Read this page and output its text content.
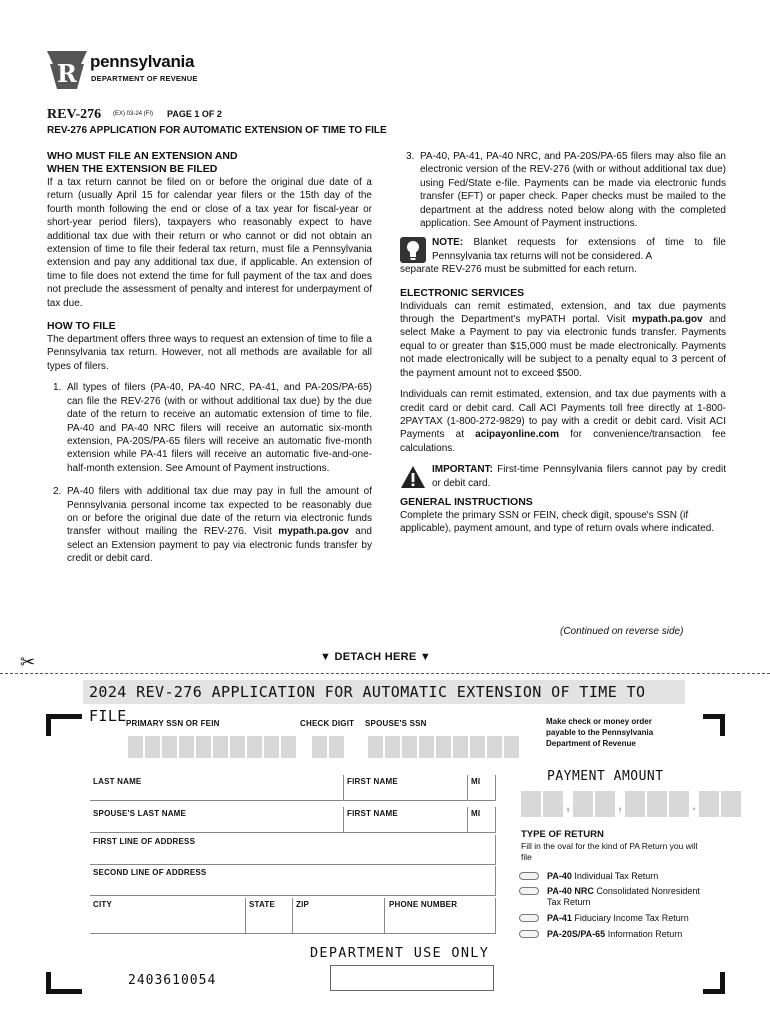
R pennsylvania
DEPARTMENT OF REVENUE
REV-276 (EX) 03-24 (FI) PAGE 1 OF 2
REV-276 APPLICATION FOR AUTOMATIC EXTENSION OF TIME TO FILE
WHO MUST FILE AN EXTENSION AND
WHEN THE EXTENSION BE FILED

If a tax return cannot be filed on or before the original due date of a return (usually April 15 for calendar year filers or the 15th day of the fourth month following the end or close of a tax year for fiscal-year or short-year period filers), taxpayers who reasonably expect to have additional tax due with their return or who cannot or did not obtain an extension of time to file their federal tax return, must file a Pennsylvania extension and pay any additional tax due, if applicable. An extension of time to file does not extend the time for full payment of the tax and does not preclude the assessment of penalty and interest for underpayment of tax due.

HOW TO FILE

The department offers three ways to request an extension of time to file a Pennsylvania tax return. However, not all methods are available for all types of filers.

1. All types of filers (PA-40, PA-40 NRC, PA-41, and PA-20S/PA-65) can file the REV-276 (with or without additional tax due) by the due date of the return to receive an automatic extension of time to file. PA-40 and PA-40 NRC filers will receive an automatic six-month extension, PA-20S/PA-65 filers will receive an automatic five-month extension while PA-41 filers will receive an automatic five-and-one-half-month extension. See Amount of Payment instructions.
2. PA-40 filers with additional tax due may pay in full the amount of Pennsylvania personal income tax expected to be reasonably due on or before the original due date of the return via electronic funds transfer without mailing the REV-276. Visit mypath.pa.gov and select an Extension payment to pay via electronic funds transfer by credit or debit card.
3. PA-40, PA-41, PA-40 NRC, and PA-20S/PA-65 filers may also file an electronic version of the REV-276 (with or without additional tax due) using Fed/State e-file. Payments can be made via electronic funds transfer (EFT) or paper check. Paper checks must be mailed to the department at the address noted below along with the completed application. See Amount of Payment instructions.
NOTE: Blanket requests for extensions of time to file Pennsylvania tax returns will not be considered. A
separate REV-276 must be submitted for each return.
ELECTRONIC SERVICES

Individuals can remit estimated, extension, and tax due payments through the Department's myPATH portal. Visit mypath.pa.gov and select Make a Payment to pay via electronic funds transfer. Payments equal to or greater than $15,000 must be made electronically. Payments not made electronically will be subject to a penalty equal to 3 percent of the payment amount not to exceed $500.

Individuals can remit estimated, extension, and tax due payments with a credit card or debit card. Call ACI Payments toll free directly at 1-800-2PAYTAX (1-800-272-9829) to pay with a credit or debit card. Visit ACI Payments at acipayonline.com for convenience/transaction fee calculations.

IMPORTANT: First-time Pennsylvania filers cannot pay by credit or debit card.
GENERAL INSTRUCTIONS

Complete the primary SSN or FEIN, check digit, spouse's SSN (if applicable), payment amount, and type of return ovals where indicated.

(Continued on reverse side)
✂	▼ DETACH HERE ▼
2024 REV-276 APPLICATION FOR AUTOMATIC EXTENSION OF TIME TO FILE PRIMARY SSN OR FEIN	CHECK DIGIT SPOUSE'S SSN	Make check or money order payable to the Pennsylvania Department of Revenue
LAST NAME	FIRST NAME	MI
SPOUSE'S LAST NAME	FIRST NAME	MI
FIRST LINE OF ADDRESS
SECOND LINE OF ADDRESS
CITY	STATE	ZIP	PHONE NUMBER
PAYMENT AMOUNT
,	,	.
TYPE OF RETURN
Fill in the oval for the kind of PA Return you will file
PA-40 Individual Tax Return
PA-40 NRC Consolidated Nonresident Tax Return
PA-41 Fiduciary Income Tax Return
PA-20S/PA-65 Information Return
DEPARTMENT USE ONLY
2403610054
